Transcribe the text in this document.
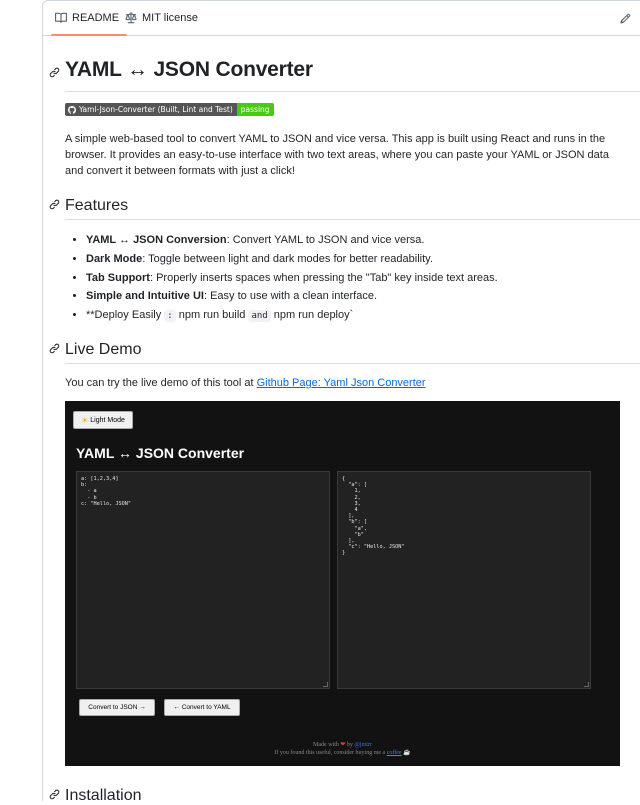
README MIT license
YAML ↔ JSON Converter
Yaml-Json-Converter (Built, Lint and Test)	passing

A simple web-based tool to convert YAML to JSON and vice versa. This app is built using React and runs in the browser. It provides an easy-to-use interface with two text areas, where you can paste your YAML or JSON data and convert it between formats with just a click!

Features
• YAML ↔ JSON Conversion: Convert YAML to JSON and vice versa.
• Dark Mode: Toggle between light and dark modes for better readability.
• Tab Support: Properly inserts spaces when pressing the "Tab" key inside text areas.
• Simple and Intuitive UI: Easy to use with a clean interface.
• **Deploy Easily : npm run build and npm run deploy`
Live Demo

You can try the live demo of this tool at Github Page: Yaml Json Converter

☀ Light Mode
YAML ↔ JSON Converter
a: [1,2,3,4]
b:
- a
- b
c: "Hello, JSON"
{
"a": [
1,
2,
3,
4
],
"b": [
"a",
"b"
],
"c": "Hello, JSON"
}
Convert to JSON →	← Convert to YAML
Made with ❤ by @jmtrr
If you found this useful, consider buying me a coffee ☕
Installation
